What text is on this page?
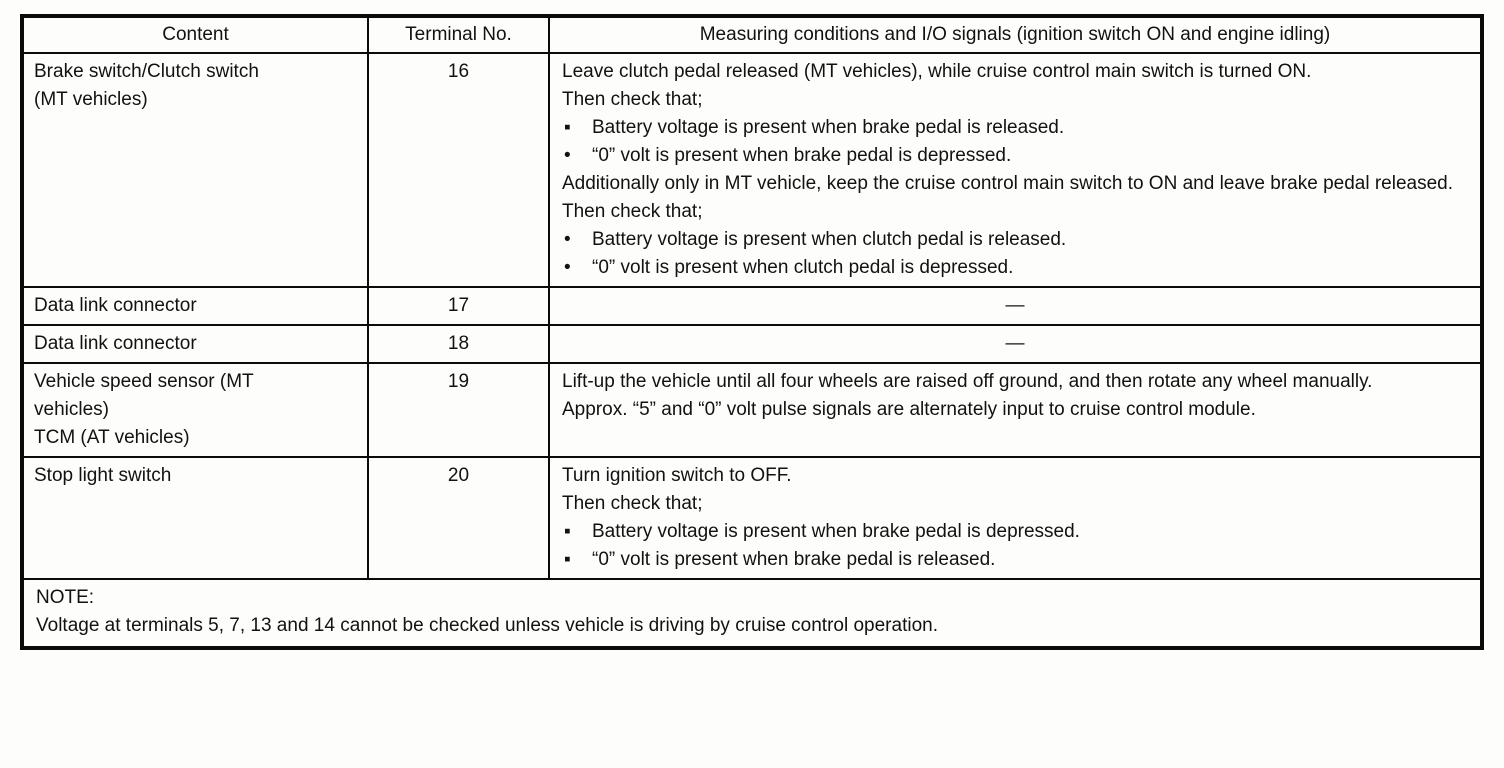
Content	Terminal No.	Measuring conditions and I/O signals (ignition switch ON and engine idling)

Brake switch/Clutch switch
(MT vehicles)
	16	Leave clutch pedal released (MT vehicles), while cruise control main switch is turned ON.
Then check that;
▪	Battery voltage is present when brake pedal is released.
•	“0” volt is present when brake pedal is depressed.
Additionally only in MT vehicle, keep the cruise control main switch to ON and leave brake pedal released.
Then check that;
•	Battery voltage is present when clutch pedal is released.
•	“0” volt is present when clutch pedal is depressed.

Data link connector	17	—

Data link connector	18	—

Vehicle speed sensor (MT
vehicles)
TCM (AT vehicles)
	19	Lift-up the vehicle until all four wheels are raised off ground, and then rotate any wheel manually.
Approx. “5” and “0” volt pulse signals are alternately input to cruise control module.

Stop light switch	20	Turn ignition switch to OFF.
Then check that;
▪	Battery voltage is present when brake pedal is depressed.
▪	“0” volt is present when brake pedal is released.

NOTE:
Voltage at terminals 5, 7, 13 and 14 cannot be checked unless vehicle is driving by cruise control operation.		
